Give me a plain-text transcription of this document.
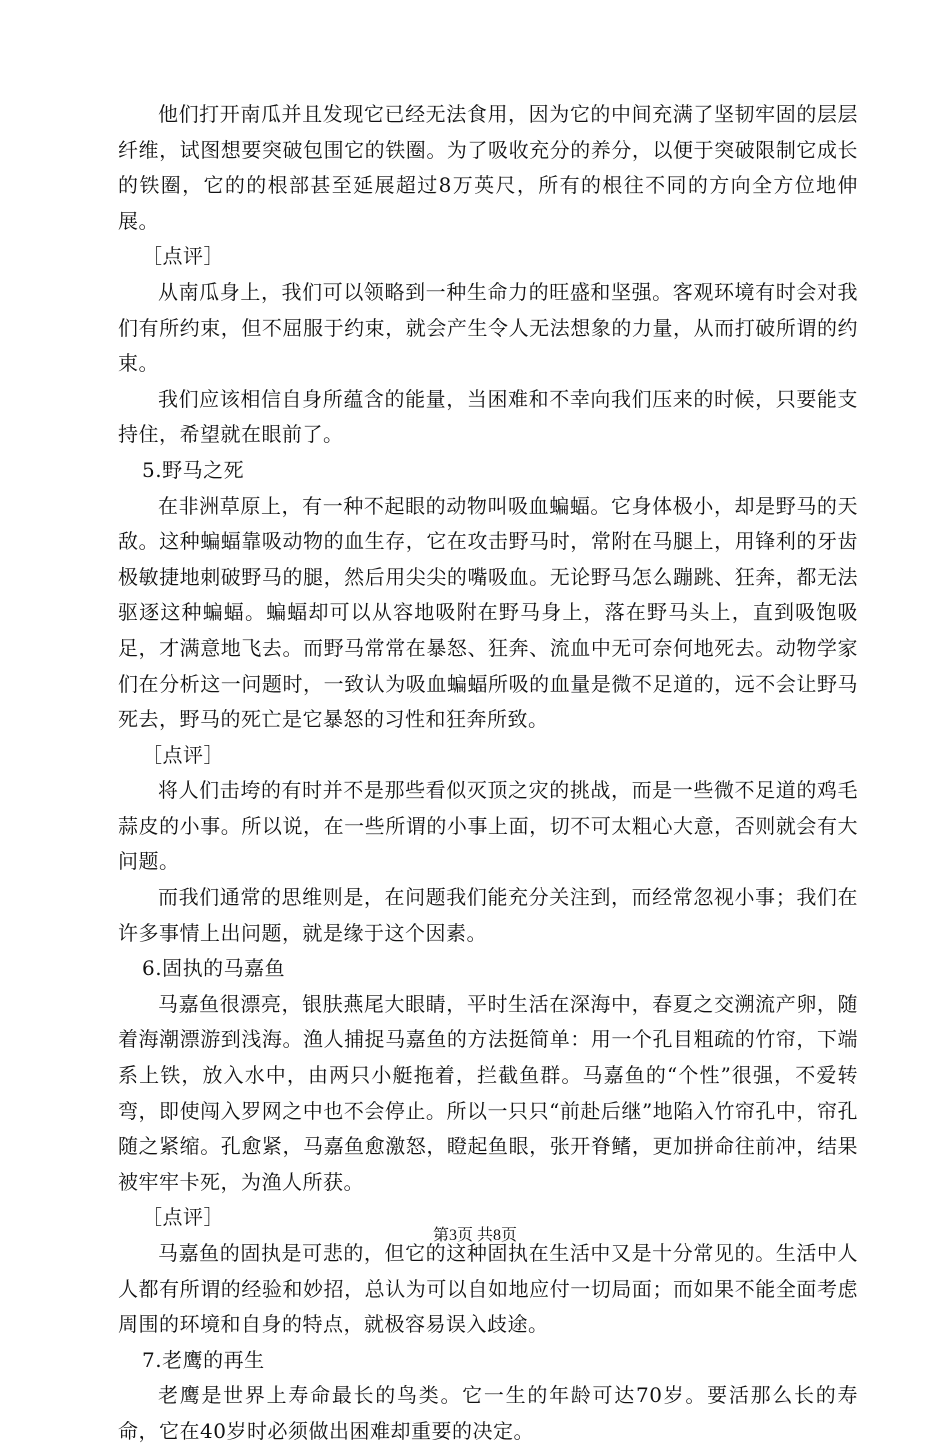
他们打开南瓜并且发现它已经无法食用，因为它的中间充满了坚韧牢固的层层纤维，试图想要突破包围它的铁圈。为了吸收充分的养分，以便于突破限制它成长的铁圈，它的的根部甚至延展超过8万英尺，所有的根往不同的方向全方位地伸展。

［点评］

从南瓜身上，我们可以领略到一种生命力的旺盛和坚强。客观环境有时会对我们有所约束，但不屈服于约束，就会产生令人无法想象的力量，从而打破所谓的约束。

我们应该相信自身所蕴含的能量，当困难和不幸向我们压来的时候，只要能支持住，希望就在眼前了。

5.野马之死

在非洲草原上，有一种不起眼的动物叫吸血蝙蝠。它身体极小，却是野马的天敌。这种蝙蝠靠吸动物的血生存，它在攻击野马时，常附在马腿上，用锋利的牙齿极敏捷地刺破野马的腿，然后用尖尖的嘴吸血。无论野马怎么蹦跳、狂奔，都无法驱逐这种蝙蝠。蝙蝠却可以从容地吸附在野马身上，落在野马头上，直到吸饱吸足，才满意地飞去。而野马常常在暴怒、狂奔、流血中无可奈何地死去。动物学家们在分析这一问题时，一致认为吸血蝙蝠所吸的血量是微不足道的，远不会让野马死去，野马的死亡是它暴怒的习性和狂奔所致。

［点评］

将人们击垮的有时并不是那些看似灭顶之灾的挑战，而是一些微不足道的鸡毛蒜皮的小事。所以说，在一些所谓的小事上面，切不可太粗心大意，否则就会有大问题。

而我们通常的思维则是，在问题我们能充分关注到，而经常忽视小事；我们在许多事情上出问题，就是缘于这个因素。

6.固执的马嘉鱼

马嘉鱼很漂亮，银肤燕尾大眼睛，平时生活在深海中，春夏之交溯流产卵，随着海潮漂游到浅海。渔人捕捉马嘉鱼的方法挺简单：用一个孔目粗疏的竹帘，下端系上铁，放入水中，由两只小艇拖着，拦截鱼群。马嘉鱼的“个性”很强，不爱转弯，即使闯入罗网之中也不会停止。所以一只只“前赴后继”地陷入竹帘孔中，帘孔随之紧缩。孔愈紧，马嘉鱼愈激怒，瞪起鱼眼，张开脊鳍，更加拼命往前冲，结果被牢牢卡死，为渔人所获。

［点评］

马嘉鱼的固执是可悲的，但它的这种固执在生活中又是十分常见的。生活中人人都有所谓的经验和妙招，总认为可以自如地应付一切局面；而如果不能全面考虑周围的环境和自身的特点，就极容易误入歧途。

7.老鹰的再生

老鹰是世界上寿命最长的鸟类。它一生的年龄可达70岁。要活那么长的寿命，它在40岁时必须做出困难却重要的决定。

第3页 共8页
